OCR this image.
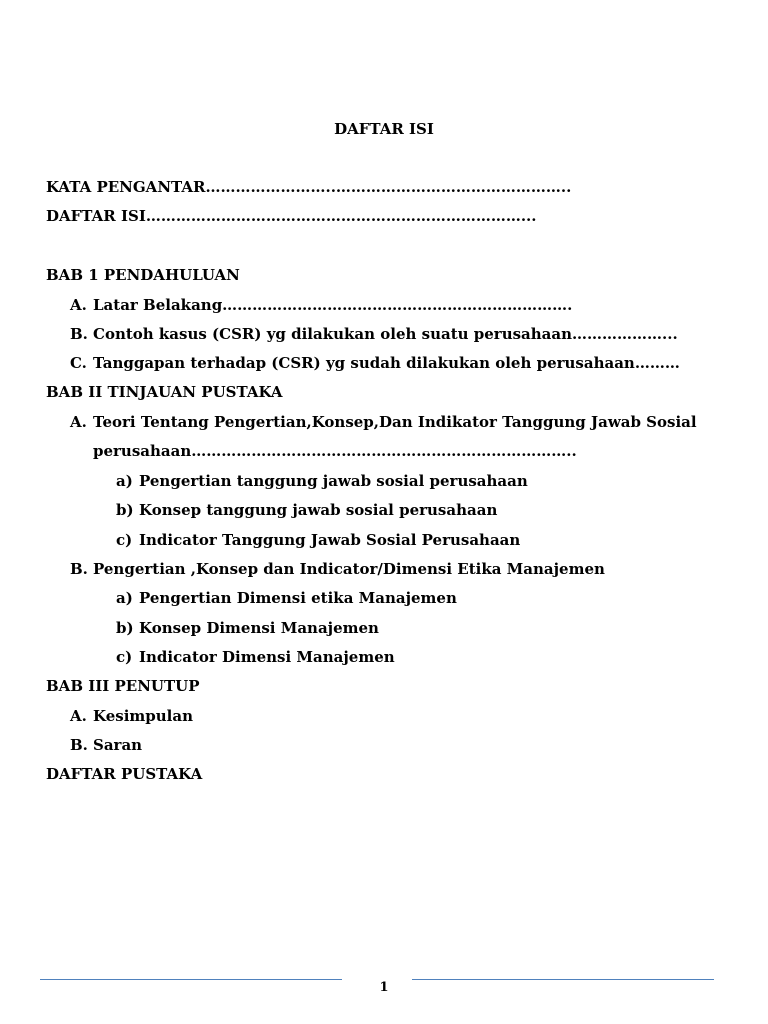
DAFTAR ISI
KATA PENGANTAR……………………..………………………………………..
DAFTAR ISI…………………………………………………………………...
BAB 1 PENDAHULUAN
A. Latar Belakang…………………………………………………………….
B. Contoh kasus (CSR) yg dilakukan oleh suatu perusahaan………………...
C. Tanggapan terhadap (CSR) yg sudah dilakukan oleh perusahaan………
BAB II TINJAUAN PUSTAKA
A. Teori Tentang Pengertian,Konsep,Dan Indikator Tanggung Jawab Sosial
perusahaan…………………………………………………………………..
a) Pengertian tanggung jawab sosial perusahaan
b) Konsep tanggung jawab sosial perusahaan
c) Indicator Tanggung Jawab Sosial Perusahaan
B. Pengertian ,Konsep dan Indicator/Dimensi Etika Manajemen
a) Pengertian Dimensi etika Manajemen
b) Konsep Dimensi Manajemen
c) Indicator Dimensi Manajemen
BAB III PENUTUP
A. Kesimpulan
B. Saran
DAFTAR PUSTAKA
1
